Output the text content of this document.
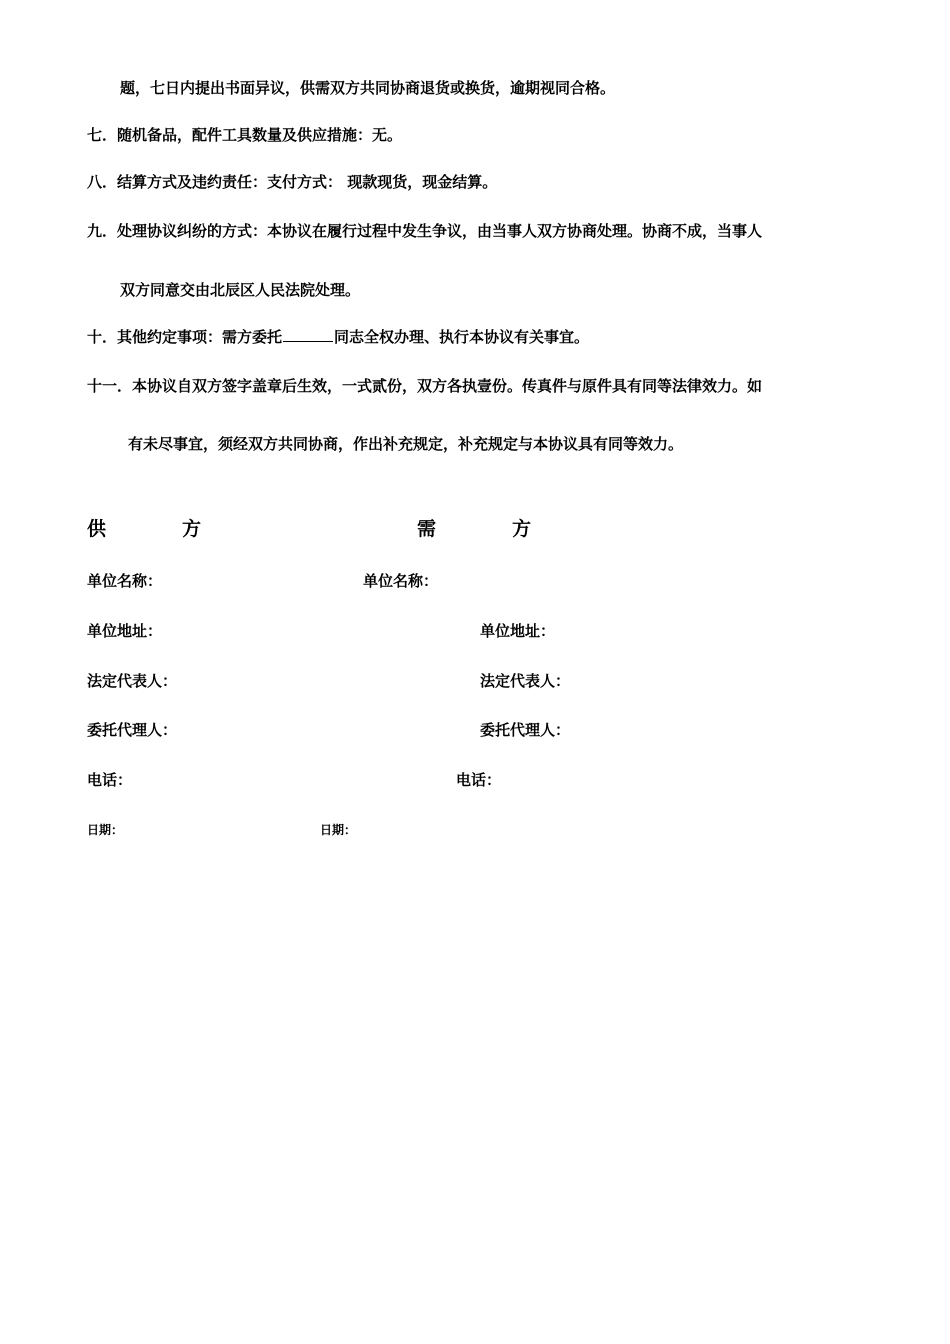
题，七日内提出书面异议，供需双方共同协商退货或换货，逾期视同合格。
七．随机备品，配件工具数量及供应措施：无。
八．结算方式及违约责任：支付方式： 现款现货，现金结算。
九．处理协议纠纷的方式：本协议在履行过程中发生争议，由当事人双方协商处理。协商不成，当事人
双方同意交由北辰区人民法院处理。
十．其他约定事项：需方委托	同志全权办理、执行本协议有关事宜。
十一．本协议自双方签字盖章后生效，一式贰份，双方各执壹份。传真件与原件具有同等法律效力。如
有未尽事宜，须经双方共同协商，作出补充规定，补充规定与本协议具有同等效力。
供	方	需	方
单位名称：	单位名称：
单位地址：	单位地址：
法定代表人：	法定代表人：
委托代理人：	委托代理人：
电话：	电话：
日期：	日期：
